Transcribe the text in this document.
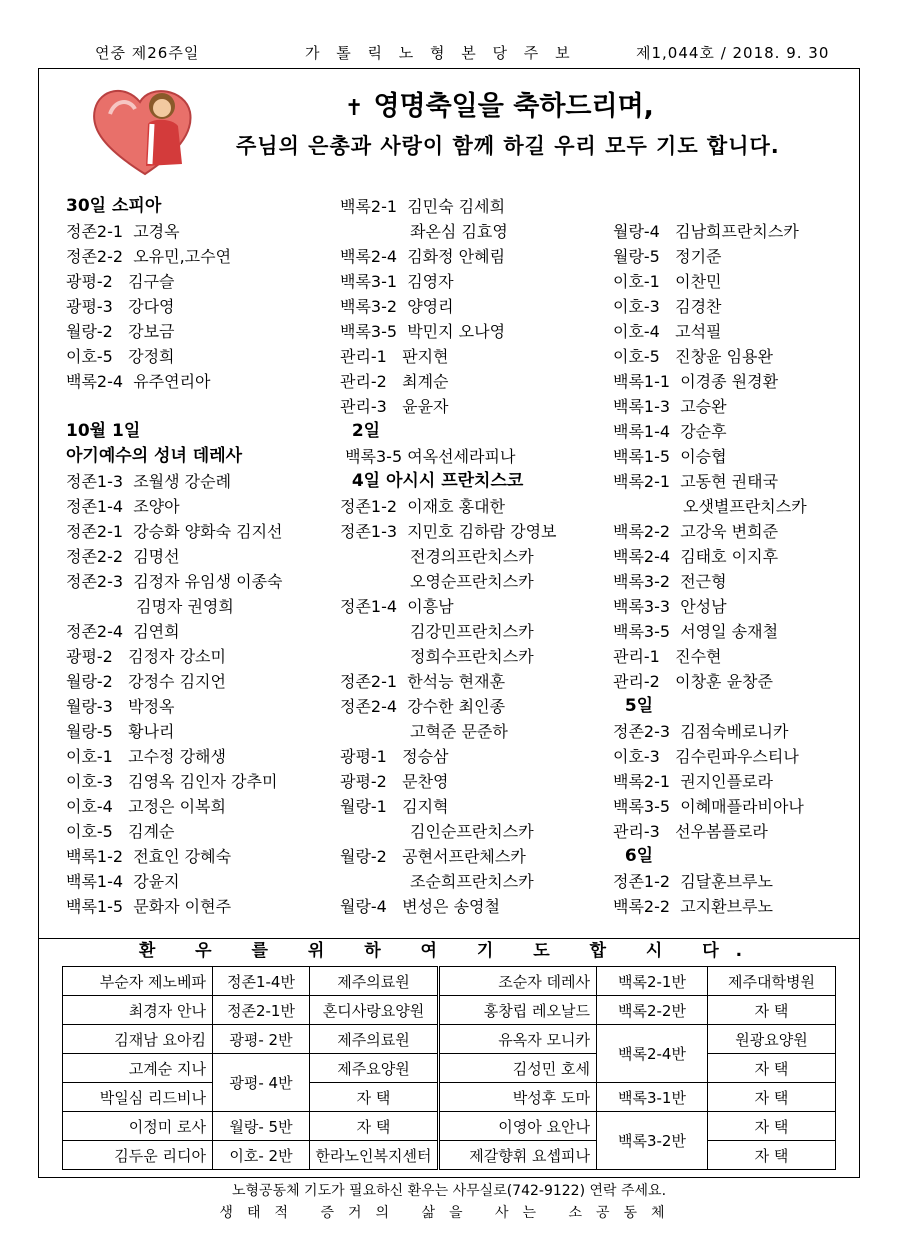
연중 제26주일	가 톨 릭 노 형 본 당 주 보	제1,044호 / 2018. 9. 30
✝ 영명축일을 축하드리며,
주님의 은총과 사랑이 함께 하길 우리 모두 기도 합니다.
30일 소피아
정존2-1  고경옥
정존2-2  오유민,고수연
광평-2   김구슬
광평-3   강다영
월랑-2   강보금
이호-5   강정희
백록2-4  유주연리아
10월 1일
아기예수의 성녀 데레사
정존1-3  조월생 강순례
정존1-4  조양아
정존2-1  강승화 양화숙 김지선
정존2-2  김명선
정존2-3  김정자 유임생 이종숙
김명자 권영희
정존2-4  김연희
광평-2   김정자 강소미
월랑-2   강정수 김지언
월랑-3   박정옥
월랑-5   황나리
이호-1   고수정 강해생
이호-3   김영옥 김인자 강추미
이호-4   고정은 이복희
이호-5   김계순
백록1-2  전효인 강혜숙
백록1-4  강윤지
백록1-5  문화자 이현주
백록2-1  김민숙 김세희
좌온심 김효영
백록2-4  김화정 안혜림
백록3-1  김영자
백록3-2  양영리
백록3-5  박민지 오나영
관리-1   판지현
관리-2   최계순
관리-3   윤윤자
2일
백록3-5 여옥선세라피나
4일 아시시 프란치스코
정존1-2  이재호 홍대한
정존1-3  지민호 김하람 강영보
전경의프란치스카
오영순프란치스카
정존1-4  이흥남
김강민프란치스카
정희수프란치스카
정존2-1  한석능 현재훈
정존2-4  강수한 최인종
고혁준 문준하
광평-1   정승삼
광평-2   문찬영
월랑-1   김지혁
김인순프란치스카
월랑-2   공현서프란체스카
조순희프란치스카
월랑-4   변성은 송영철
월랑-4   김남희프란치스카
월랑-5   정기준
이호-1   이찬민
이호-3   김경찬
이호-4   고석필
이호-5   진창윤 임용완
백록1-1  이경종 원경환
백록1-3  고승완
백록1-4  강순후
백록1-5  이승협
백록2-1  고동현 권태국
오샛별프란치스카
백록2-2  고강욱 변희준
백록2-4  김태호 이지후
백록3-2  전근형
백록3-3  안성남
백록3-5  서영일 송재철
관리-1   진수현
관리-2   이창훈 윤창준
5일
정존2-3  김점숙베로니카
이호-3   김수린파우스티나
백록2-1  권지인플로라
백록3-5  이혜매플라비아나
관리-3   선우봄플로라
6일
정존1-2  김달훈브루노
백록2-2  고지환브루노
환 우 를 위 하 여 기 도 합 시 다.
부순자 제노베파	정존1-4반	제주의료원	조순자 데레사	백록2-1반	제주대학병원
최경자 안나	정존2-1반	혼디사랑요양원	홍창립 레오날드	백록2-2반	자 택
김재남 요아킴	광평- 2반	제주의료원	유옥자 모니카	백록2-4반	원광요양원
고계순 지나	광평- 4반	제주요양원	김성민 호세		자 택
박일심 리드비나		자 택	박성후 도마	백록3-1반	자 택
이정미 로사	월랑- 5반	자 택	이영아 요안나	백록3-2반	자 택
김두운 리디아	이호- 2반	한라노인복지센터	제갈향휘 요셉피나		자 택
노형공동체 기도가 필요하신 환우는 사무실로(742-9122) 연락 주세요.
생태적 증거의 삶을 사는 소공동체
